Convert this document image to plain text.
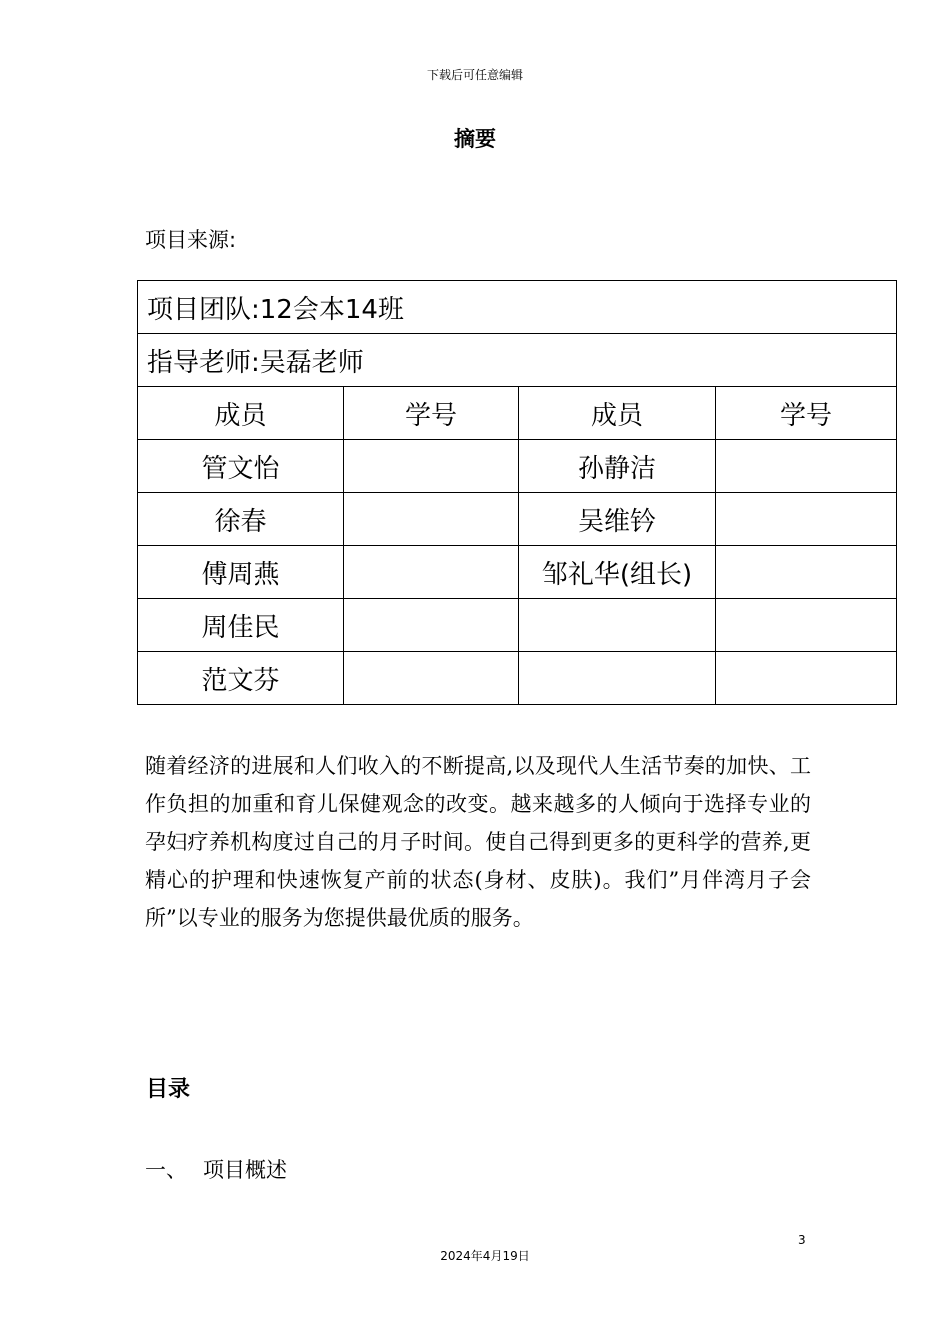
下载后可任意编辑
摘要
项目来源:
项目团队:12会本14班			
指导老师:吴磊老师			
成员	学号	成员	学号
管文怡		孙静洁	
徐春		吴维钤	
傅周燕		邹礼华(组长)	
周佳民			
范文芬			
随着经济的进展和人们收入的不断提高,以及现代人生活节奏的加快、工作负担的加重和育儿保健观念的改变。越来越多的人倾向于选择专业的孕妇疗养机构度过自己的月子时间。使自己得到更多的更科学的营养,更精心的护理和快速恢复产前的状态(身材、皮肤)。我们”月伴湾月子会所”以专业的服务为您提供最优质的服务。
目录
一、 项目概述
3
2024年4月19日
